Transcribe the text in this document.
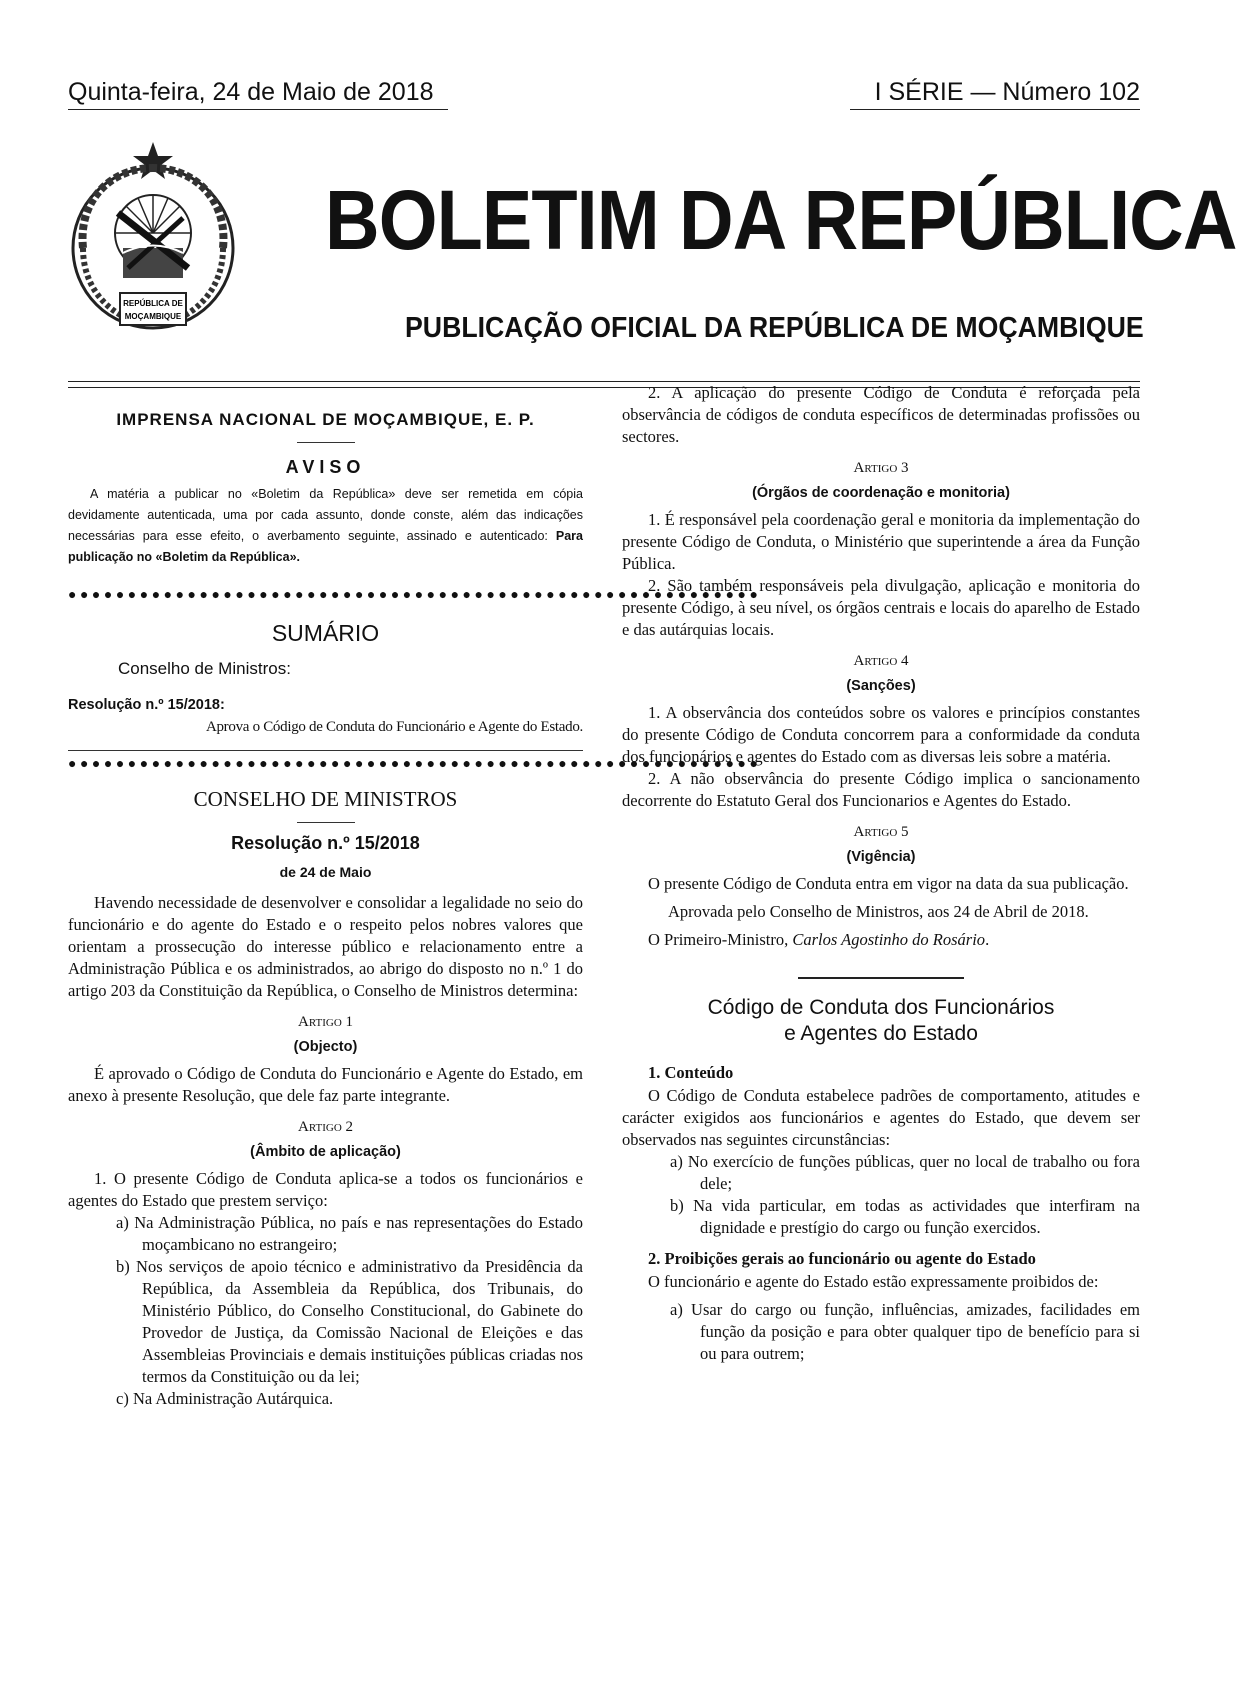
Quinta-feira, 24 de Maio de 2018	I SÉRIE — Número 102
REPÚBLICA DE
MOÇAMBIQUE
BOLETIM DA REPÚBLICA
PUBLICAÇÃO OFICIAL DA REPÚBLICA DE MOÇAMBIQUE
IMPRENSA NACIONAL DE MOÇAMBIQUE, E. P.
AVISO

A matéria a publicar no «Boletim da República» deve ser remetida em cópia devidamente autenticada, uma por cada assunto, donde conste, além das indicações necessárias para esse efeito, o averbamento seguinte, assinado e autenticado: Para publicação no «Boletim da República».

●●●●●●●●●●●●●●●●●●●●●●●●●●●●●●●●●●●●●●●●●●●●●●●●●●●●●●●●●●
SUMÁRIO
Conselho de Ministros:
Resolução n.º 15/2018:
Aprova o Código de Conduta do Funcionário e Agente do Estado.
●●●●●●●●●●●●●●●●●●●●●●●●●●●●●●●●●●●●●●●●●●●●●●●●●●●●●●●●●●
CONSELHO DE MINISTROS
Resolução n.º 15/2018
de 24 de Maio

Havendo necessidade de desenvolver e consolidar a legalidade no seio do funcionário e do agente do Estado e o respeito pelos nobres valores que orientam a prossecução do interesse público e relacionamento entre a Administração Pública e os administrados, ao abrigo do disposto no n.º 1 do artigo 203 da Constituição da República, o Conselho de Ministros determina:

Artigo 1
(Objecto)

É aprovado o Código de Conduta do Funcionário e Agente do Estado, em anexo à presente Resolução, que dele faz parte integrante.

Artigo 2
(Âmbito de aplicação)

1. O presente Código de Conduta aplica-se a todos os funcionários e agentes do Estado que prestem serviço:

a) Na Administração Pública, no país e nas representações do Estado moçambicano no estrangeiro;

b) Nos serviços de apoio técnico e administrativo da Presidência da República, da Assembleia da República, dos Tribunais, do Ministério Público, do Conselho Constitucional, do Gabinete do Provedor de Justiça, da Comissão Nacional de Eleições e das Assembleias Provinciais e demais instituições públicas criadas nos termos da Constituição ou da lei;

c) Na Administração Autárquica.

2. A aplicação do presente Código de Conduta é reforçada pela observância de códigos de conduta específicos de determinadas profissões ou sectores.

Artigo 3
(Órgãos de coordenação e monitoria)

1. É responsável pela coordenação geral e monitoria da implementação do presente Código de Conduta, o Ministério que superintende a área da Função Pública.

2. São também responsáveis pela divulgação, aplicação e monitoria do presente Código, à seu nível, os órgãos centrais e locais do aparelho de Estado e das autárquias locais.

Artigo 4
(Sanções)

1. A observância dos conteúdos sobre os valores e princípios constantes do presente Código de Conduta concorrem para a conformidade da conduta dos funcionários e agentes do Estado com as diversas leis sobre a matéria.

2. A não observância do presente Código implica o sancionamento decorrente do Estatuto Geral dos Funcionarios e Agentes do Estado.

Artigo 5
(Vigência)

O presente Código de Conduta entra em vigor na data da sua publicação.

Aprovada pelo Conselho de Ministros, aos 24 de Abril de 2018.

O Primeiro-Ministro, Carlos Agostinho do Rosário.

Código de Conduta dos Funcionários
e Agentes do Estado
1. Conteúdo

O Código de Conduta estabelece padrões de comportamento, atitudes e carácter exigidos aos funcionários e agentes do Estado, que devem ser observados nas seguintes circunstâncias:

a) No exercício de funções públicas, quer no local de trabalho ou fora dele;

b) Na vida particular, em todas as actividades que interfiram na dignidade e prestígio do cargo ou função exercidos.

2. Proibições gerais ao funcionário ou agente do Estado

O funcionário e agente do Estado estão expressamente proibidos de:

a) Usar do cargo ou função, influências, amizades, facilidades em função da posição e para obter qualquer tipo de benefício para si ou para outrem;
